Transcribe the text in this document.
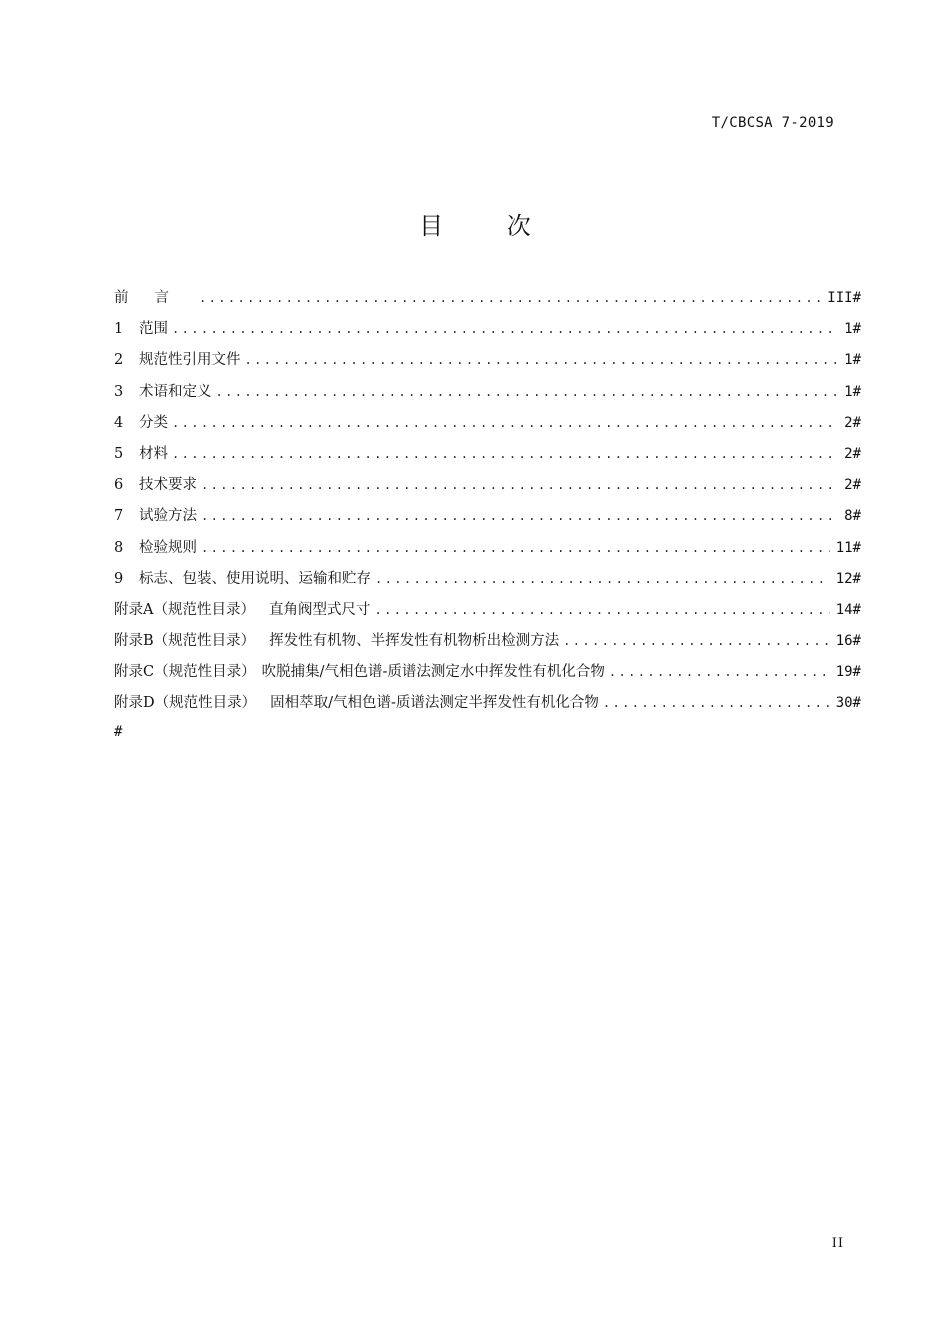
T/CBCSA 7-2019
目 次
前言 .....	III#
1	范围 .....	1#
2	规范性引用文件 .....	1#
3	术语和定义 .....	1#
4	分类 .....	2#
5	材料 .....	2#
6	技术要求 .....	2#
7	试验方法 .....	8#
8	检验规则 .....	11#
9	标志、包装、使用说明、运输和贮存 .....	12#
附录A（规范性目录） 直角阀型式尺寸 .....	14#
附录B（规范性目录） 挥发性有机物、半挥发性有机物析出检测方法 .....	16#
附录C（规范性目录） 吹脱捕集/气相色谱-质谱法测定水中挥发性有机化合物 .....	19#
附录D（规范性目录） 固相萃取/气相色谱-质谱法测定半挥发性有机化合物 .....	30#
#
II
